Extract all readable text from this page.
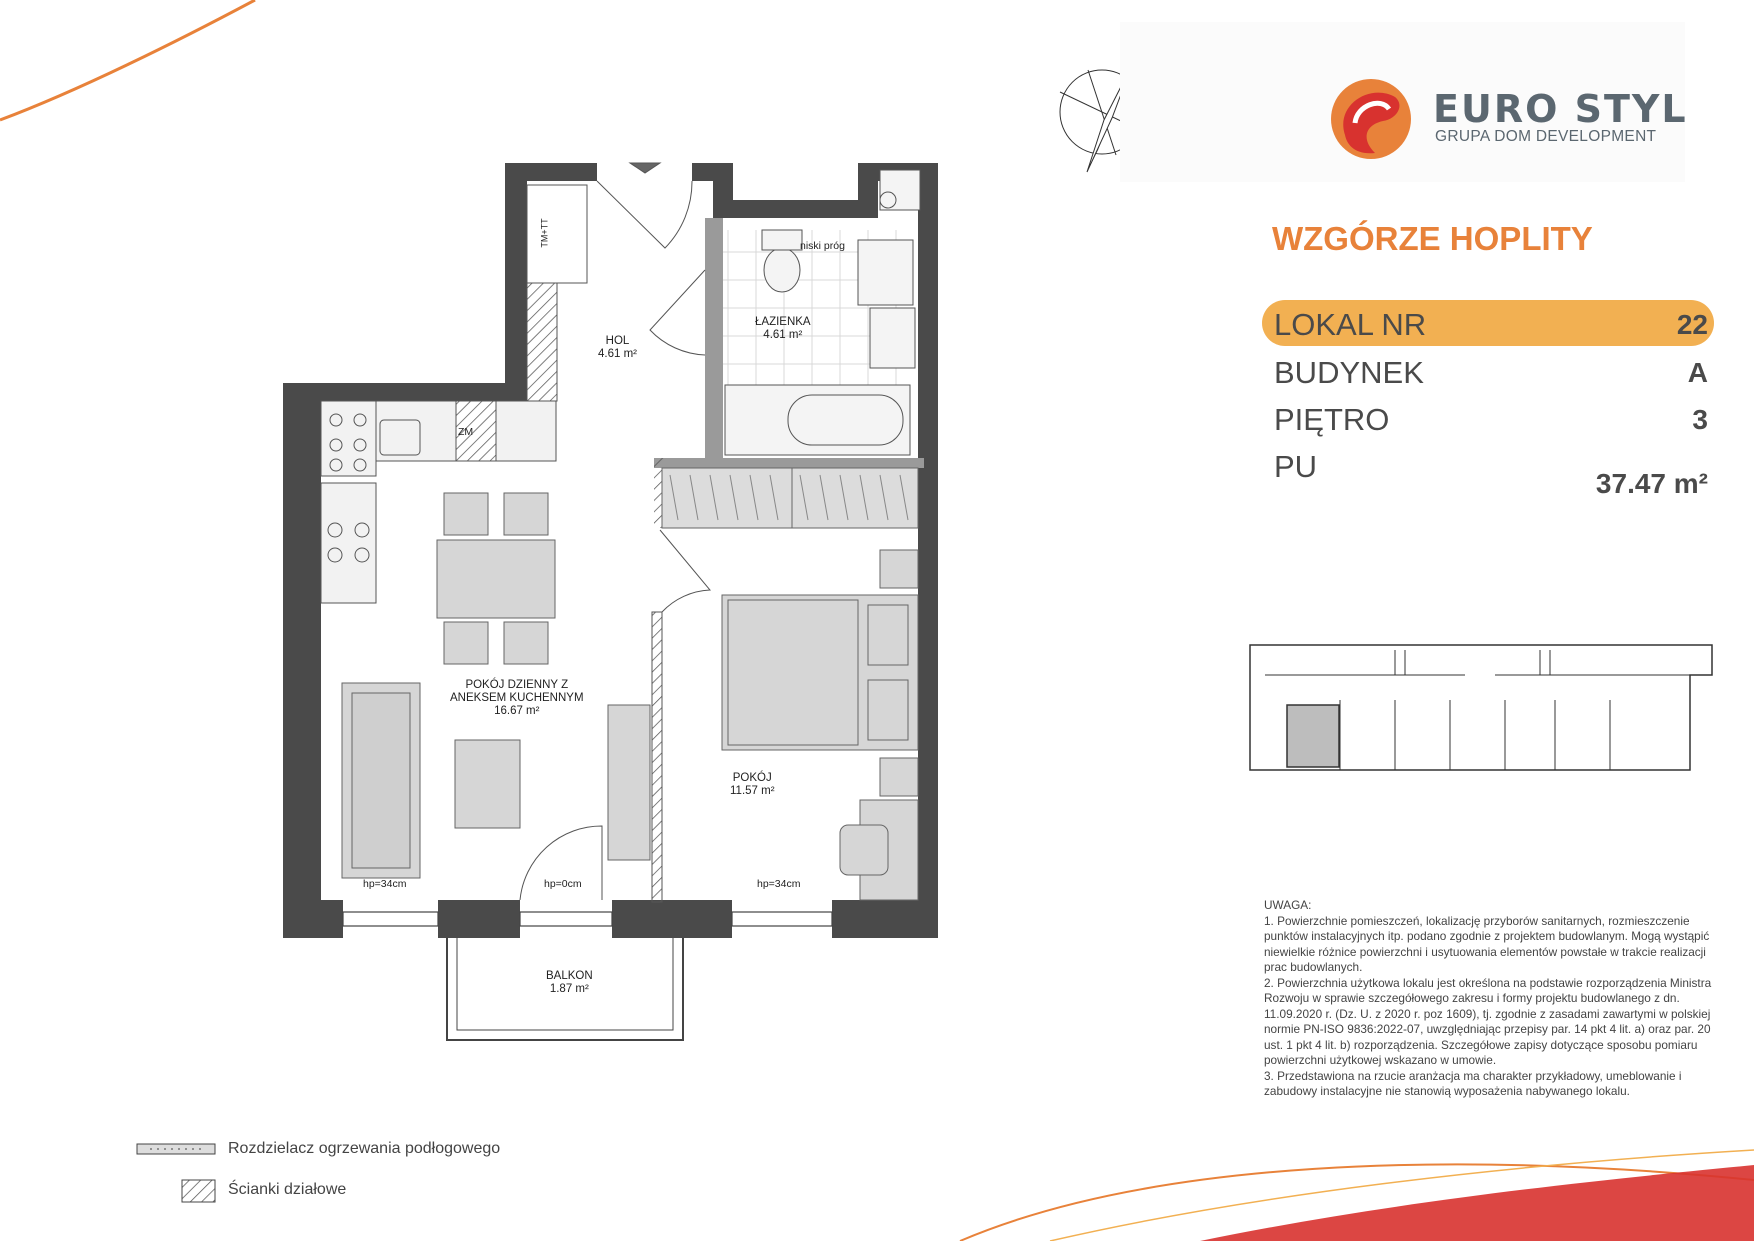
EURO STYL
GRUPA DOM DEVELOPMENT
WZGÓRZE HOPLITY
LOKAL NR	22
BUDYNEK	A
PIĘTRO	3
PU	37.47 m²
HOL
4.61 m²
ŁAZIENKA
4.61 m²
POKÓJ DZIENNY Z
ANEKSEM KUCHENNYM
16.67 m²
POKÓJ
11.57 m²
BALKON
1.87 m²
niski próg
TM+TT
ZM
hp=34cm	hp=0cm	hp=34cm
UWAGA:
1. Powierzchnie pomieszczeń, lokalizację przyborów sanitarnych, rozmieszczenie punktów instalacyjnych itp. podano zgodnie z projektem budowlanym. Mogą wystąpić niewielkie różnice powierzchni i usytuowania elementów powstałe w trakcie realizacji prac budowlanych.
2. Powierzchnia użytkowa lokalu jest określona na podstawie rozporządzenia Ministra Rozwoju w sprawie szczegółowego zakresu i formy projektu budowlanego z dn. 11.09.2020 r. (Dz. U. z 2020 r. poz 1609), tj. zgodnie z zasadami zawartymi w polskiej normie PN-ISO 9836:2022-07, uwzględniając przepisy par. 14 pkt 4 lit. a) oraz par. 20 ust. 1 pkt 4 lit. b) rozporządzenia. Szczegółowe zapisy dotyczące sposobu pomiaru powierzchni użytkowej wskazano w umowie.
3. Przedstawiona na rzucie aranżacja ma charakter przykładowy, umeblowanie i zabudowy instalacyjne nie stanowią wyposażenia nabywanego lokalu.
Rozdzielacz ogrzewania podłogowego
Ścianki działowe
